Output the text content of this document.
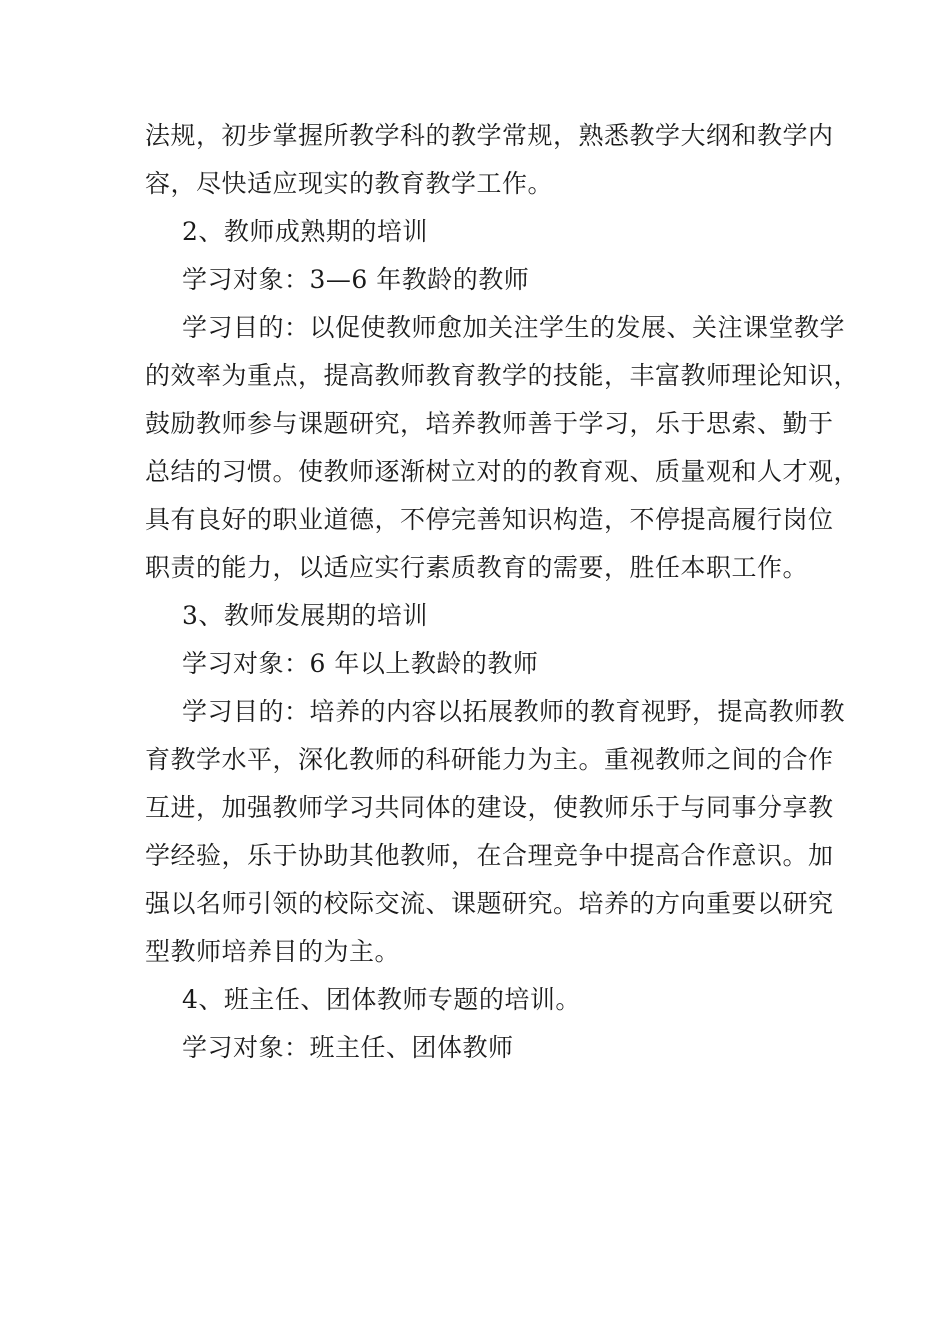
法规，初步掌握所教学科的教学常规，熟悉教学大纲和教学内
容，尽快适应现实的教育教学工作。
2、教师成熟期的培训
学习对象：3—6 年教龄的教师
学习目的：以促使教师愈加关注学生的发展、关注课堂教学
的效率为重点，提高教师教育教学的技能，丰富教师理论知识，
鼓励教师参与课题研究，培养教师善于学习，乐于思索、勤于
总结的习惯。使教师逐渐树立对的的教育观、质量观和人才观，
具有良好的职业道德，不停完善知识构造，不停提高履行岗位
职责的能力，以适应实行素质教育的需要，胜任本职工作。
3、教师发展期的培训
学习对象：6 年以上教龄的教师
学习目的：培养的内容以拓展教师的教育视野，提高教师教
育教学水平，深化教师的科研能力为主。重视教师之间的合作
互进，加强教师学习共同体的建设，使教师乐于与同事分享教
学经验，乐于协助其他教师，在合理竞争中提高合作意识。加
强以名师引领的校际交流、课题研究。培养的方向重要以研究
型教师培养目的为主。
4、班主任、团体教师专题的培训。
学习对象：班主任、团体教师
